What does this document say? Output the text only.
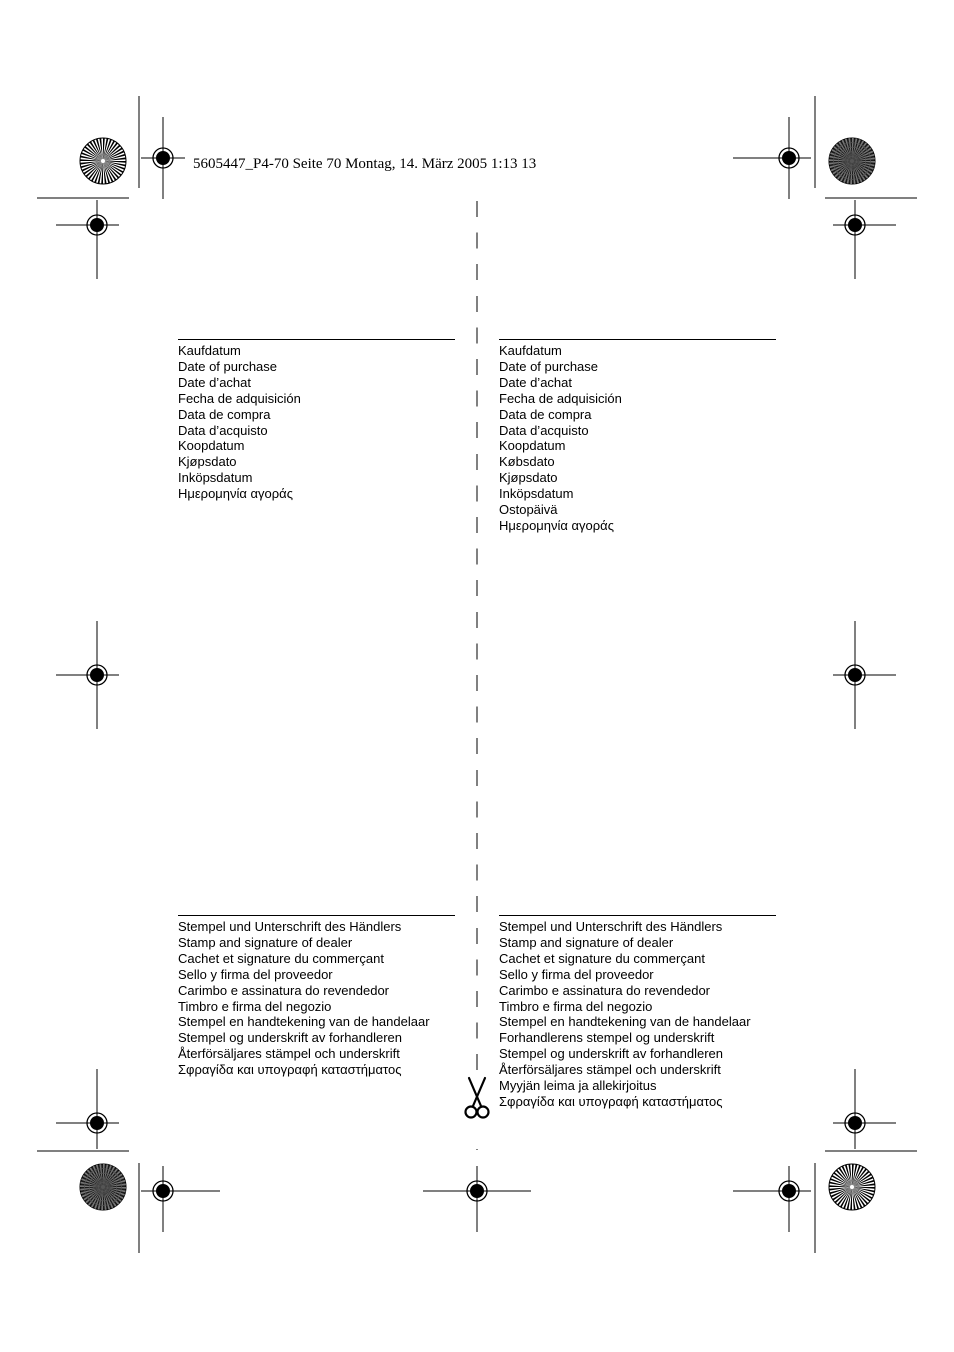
5605447_P4-70 Seite 70 Montag, 14. März 2005 1:13 13
Kaufdatum
Date of purchase
Date d’achat
Fecha de adquisición
Data de compra
Data d’acquisto
Koopdatum
Kjøpsdato
Inköpsdatum
Ημερομηνία αγοράς
Kaufdatum
Date of purchase
Date d’achat
Fecha de adquisición
Data de compra
Data d’acquisto
Koopdatum
Købsdato
Kjøpsdato
Inköpsdatum
Ostopäivä
Ημερομηνία αγοράς
Stempel und Unterschrift des Händlers
Stamp and signature of dealer
Cachet et signature du commerçant
Sello y firma del proveedor
Carimbo e assinatura do revendedor
Timbro e firma del negozio
Stempel en handtekening van de handelaar
Stempel og underskrift av forhandleren
Återförsäljares stämpel och underskrift
Σφραγίδα και υπογραφή καταστήματος
Stempel und Unterschrift des Händlers
Stamp and signature of dealer
Cachet et signature du commerçant
Sello y firma del proveedor
Carimbo e assinatura do revendedor
Timbro e firma del negozio
Stempel en handtekening van de handelaar
Forhandlerens stempel og underskrift
Stempel og underskrift av forhandleren
Återförsäljares stämpel och underskrift
Myyjän leima ja allekirjoitus
Σφραγίδα και υπογραφή καταστήματος
